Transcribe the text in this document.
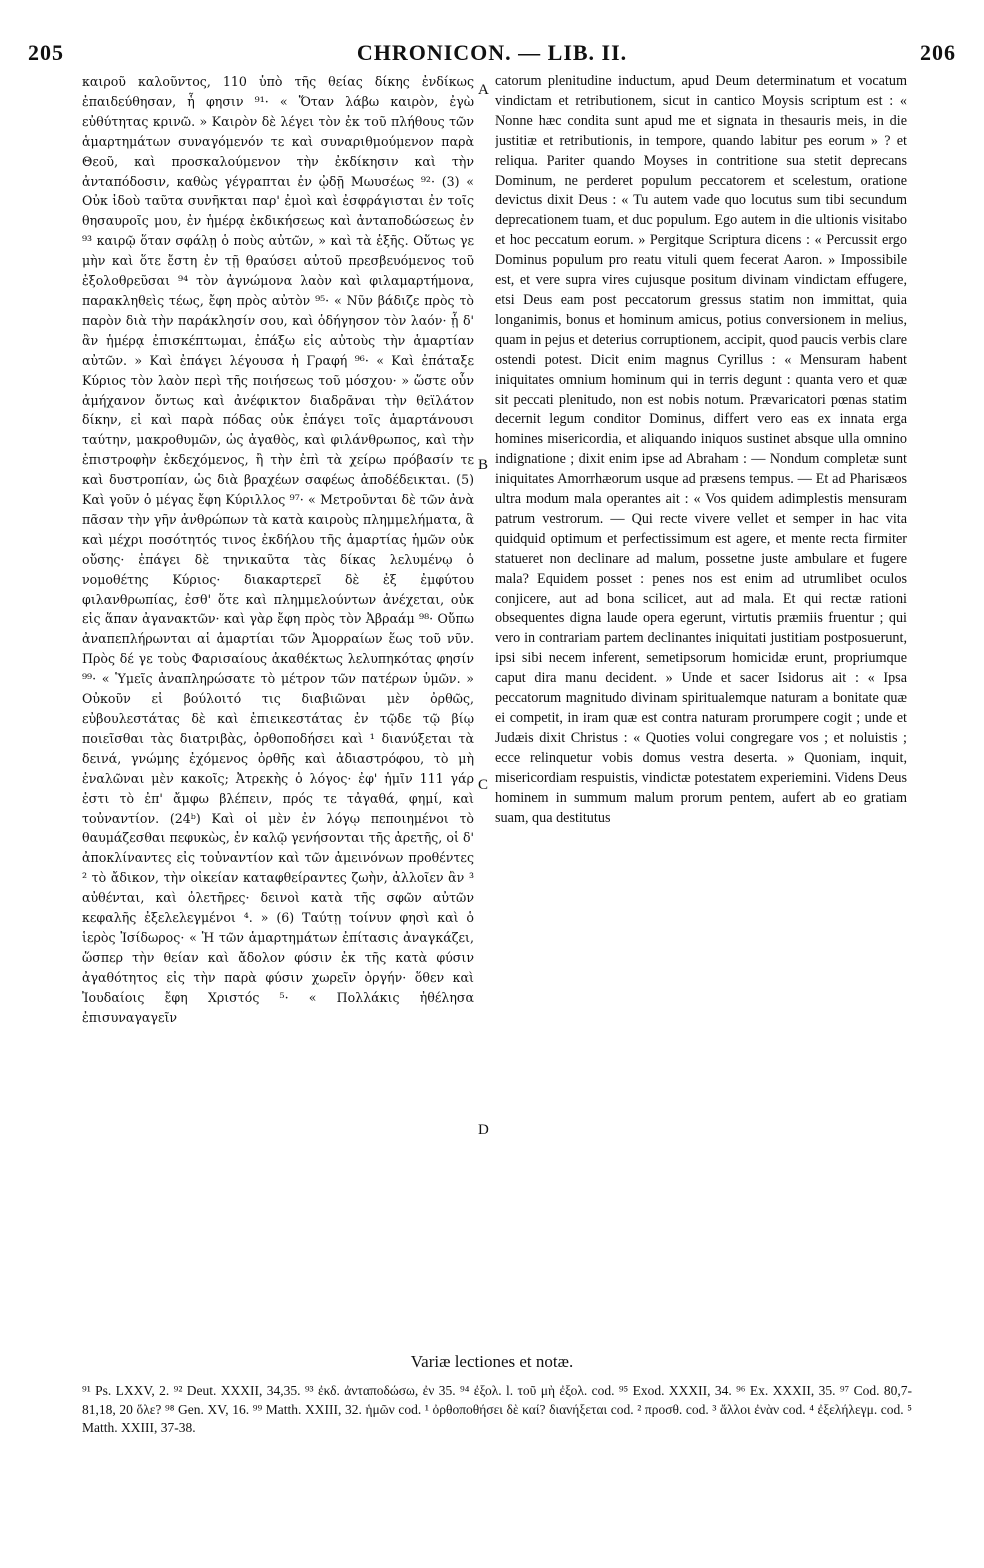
205	CHRONICON. — LIB. II.	206

καιροῦ καλοῦντος, 110 ὑπὸ τῆς θείας δίκης ἐνδίκως ἐπαιδεύθησαν, ἧ φησιν ⁹¹· « Ὅταν λάβω καιρὸν, ἐγὼ εὐθύτητας κρινῶ. » Καιρὸν δὲ λέγει τὸν ἐκ τοῦ πλήθους τῶν ἁμαρτημάτων συναγόμενόν τε καὶ συναριθμούμενον παρὰ Θεοῦ, καὶ προσκαλούμενον τὴν ἐκδίκησιν καὶ τὴν ἀνταπόδοσιν, καθὼς γέγραπται ἐν ᾠδῇ Μωυσέως ⁹²· (3) « Οὐκ ἰδοὺ ταῦτα συνῆκται παρ' ἐμοὶ καὶ ἐσφράγισται ἐν τοῖς θησαυροῖς μου, ἐν ἡμέρᾳ ἐκδικήσεως καὶ ἀνταποδώσεως ἐν ⁹³ καιρῷ ὅταν σφάλῃ ὁ ποὺς αὐτῶν, » καὶ τὰ ἑξῆς. Οὕτως γε μὴν καὶ ὅτε ἔστη ἐν τῇ θραύσει αὐτοῦ πρεσβευόμενος τοῦ ἐξολοθρεῦσαι ⁹⁴ τὸν ἀγνώμονα λαὸν καὶ φιλαμαρτήμονα, παρακληθεὶς τέως, ἔφη πρὸς αὐτὸν ⁹⁵· « Νῦν βάδιζε πρὸς τὸ παρὸν διὰ τὴν παράκλησίν σου, καὶ ὁδήγησον τὸν λαόν· ᾗ δ' ἂν ἡμέρᾳ ἐπισκέπτωμαι, ἐπάξω εἰς αὐτοὺς τὴν ἁμαρτίαν αὐτῶν. » Καὶ ἐπάγει λέγουσα ἡ Γραφή ⁹⁶· « Καὶ ἐπάταξε Κύριος τὸν λαὸν περὶ τῆς ποιήσεως τοῦ μόσχου· » ὥστε οὖν ἀμήχανον ὄντως καὶ ἀνέφικτον διαδρᾶναι τὴν θεϊλάτον δίκην, εἰ καὶ παρὰ πόδας οὐκ ἐπάγει τοῖς ἁμαρτάνουσι ταύτην, μακροθυμῶν, ὡς ἀγαθὸς, καὶ φιλάνθρωπος, καὶ τὴν ἐπιστροφὴν ἐκδεχόμενος, ἢ τὴν ἐπὶ τὰ χείρω πρόβασίν τε καὶ δυστροπίαν, ὡς διὰ βραχέων σαφέως ἀποδέδεικται. (5) Καὶ γοῦν ὁ μέγας ἔφη Κύριλλος ⁹⁷· « Μετροῦνται δὲ τῶν ἀνὰ πᾶσαν τὴν γῆν ἀνθρώπων τὰ κατὰ καιροὺς πλημμελήματα, ἃ καὶ μέχρι ποσότητός τινος ἐκδήλου τῆς ἁμαρτίας ἡμῶν οὐκ οὔσης· ἐπάγει δὲ τηνικαῦτα τὰς δίκας λελυμένῳ ὁ νομοθέτης Κύριος· διακαρτερεῖ δὲ ἐξ ἐμφύτου φιλανθρωπίας, ἐσθ' ὅτε καὶ πλημμελούντων ἀνέχεται, οὐκ εἰς ἅπαν ἀγανακτῶν· καὶ γὰρ ἔφη πρὸς τὸν Ἀβραάμ ⁹⁸· Οὔπω ἀναπεπλήρωνται αἱ ἁμαρτίαι τῶν Ἀμορραίων ἕως τοῦ νῦν. Πρὸς δέ γε τοὺς Φαρισαίους ἀκαθέκτως λελυπηκότας φησίν ⁹⁹· « Ὑμεῖς ἀναπληρώσατε τὸ μέτρον τῶν πατέρων ὑμῶν. » Οὐκοῦν εἰ βούλοιτό τις διαβιῶναι μὲν ὀρθῶς, εὐβουλεστάτας δὲ καὶ ἐπιεικεστάτας ἐν τῷδε τῷ βίῳ ποιεῖσθαι τὰς διατριβὰς, ὀρθοποδήσει καὶ ¹ διανύξεται τὰ δεινά, γνώμης ἐχόμενος ὀρθῆς καὶ ἀδιαστρόφου, τὸ μὴ ἐναλῶναι μὲν κακοῖς; Ἀτρεκὴς ὁ λόγος· ἐφ' ἡμῖν 111 γάρ ἐστι τὸ ἐπ' ἄμφω βλέπειν, πρός τε τἀγαθά, φημί, καὶ τοὐναντίον. (24ᵇ) Καὶ οἱ μὲν ἐν λόγῳ πεποιημένοι τὸ θαυμάζεσθαι πεφυκὼς, ἐν καλῷ γενήσονται τῆς ἀρετῆς, οἱ δ' ἀποκλίναντες εἰς τοὐναντίον καὶ τῶν ἀμεινόνων προθέντες ² τὸ ἄδικον, τὴν οἰκείαν καταφθείραντες ζωὴν, ἀλλοῖεν ἂν ³ αὐθένται, καὶ ὀλετῆρες· δεινοὶ κατὰ τῆς σφῶν αὐτῶν κεφαλῆς ἐξελελεγμένοι ⁴. » (6) Ταύτῃ τοίνυν φησὶ καὶ ὁ ἱερὸς Ἰσίδωρος· « Ἡ τῶν ἁμαρτημάτων ἐπίτασις ἀναγκάζει, ὥσπερ τὴν θείαν καὶ ἄδολον φύσιν ἐκ τῆς κατὰ φύσιν ἀγαθότητος εἰς τὴν παρὰ φύσιν χωρεῖν ὀργήν· ὅθεν καὶ Ἰουδαίοις ἔφη Χριστός ⁵· « Πολλάκις ἠθέλησα ἐπισυναγαγεῖν

A
B
C
D

catorum plenitudine inductum, apud Deum determinatum et vocatum vindictam et retributionem, sicut in cantico Moysis scriptum est : « Nonne hæc condita sunt apud me et signata in thesauris meis, in die justitiæ et retributionis, in tempore, quando labitur pes eorum » ? et reliqua. Pariter quando Moyses in contritione sua stetit deprecans Dominum, ne perderet populum peccatorem et scelestum, oratione devictus dixit Deus : « Tu autem vade quo locutus sum tibi secundum deprecationem tuam, et duc populum. Ego autem in die ultionis visitabo et hoc peccatum eorum. » Pergitque Scriptura dicens : « Percussit ergo Dominus populum pro reatu vituli quem fecerat Aaron. » Impossibile est, et vere supra vires cujusque positum divinam vindictam effugere, etsi Deus eam post peccatorum gressus statim non immittat, quia longanimis, bonus et hominum amicus, potius conversionem in melius, quam in pejus et deterius corruptionem, accipit, quod paucis verbis clare ostendi potest. Dicit enim magnus Cyrillus : « Mensuram habent iniquitates omnium hominum qui in terris degunt : quanta vero et quæ sit peccati plenitudo, non est nobis notum. Prævaricatori pœnas statim decernit legum conditor Dominus, differt vero eas ex innata erga homines misericordia, et aliquando iniquos sustinet absque ulla omnino indignatione ; dixit enim ipse ad Abraham : — Nondum completæ sunt iniquitates Amorrhæorum usque ad præsens tempus. — Et ad Pharisæos ultra modum mala operantes ait : « Vos quidem adimplestis mensuram patrum vestrorum. — Qui recte vivere vellet et semper in hac vita quidquid optimum et perfectissimum est agere, et mente recta firmiter statueret non declinare ad malum, possetne juste ambulare et fugere mala? Equidem posset : penes nos est enim ad utrumlibet oculos conjicere, aut ad bona scilicet, aut ad mala. Et qui rectæ rationi obsequentes digna laude opera egerunt, virtutis præmiis fruentur ; qui vero in contrariam partem declinantes iniquitati justitiam postposuerunt, ipsi sibi necem inferent, semetipsorum homicidæ erunt, propriumque caput dira manu decident. » Unde et sacer Isidorus ait : « Ipsa peccatorum magnitudo divinam spiritualemque naturam a bonitate quæ ei competit, in iram quæ est contra naturam prorumpere cogit ; unde et Judæis dixit Christus : « Quoties volui congregare vos ; et noluistis ; ecce relinquetur vobis domus vestra deserta. » Quoniam, inquit, misericordiam respuistis, vindictæ potestatem experiemini. Videns Deus hominem in summum malum prorum pentem, aufert ab eo gratiam suam, qua destitutus

Variæ lectiones et notæ.
⁹¹ Ps. LXXV, 2. ⁹² Deut. XXXII, 34,35. ⁹³ ἐκδ. ἀνταποδώσω, ἐν 35. ⁹⁴ ἐξολ. l. τοῦ μὴ ἐξολ. cod. ⁹⁵ Exod. XXXII, 34. ⁹⁶ Ex. XXXII, 35. ⁹⁷ Cod. 80,7-81,18, 20 ὅλε? ⁹⁸ Gen. XV, 16. ⁹⁹ Matth. XXIII, 32. ἡμῶν cod. ¹ ὀρθοποθήσει δὲ καί? διανήξεται cod. ² προσθ. cod. ³ ἄλλοι ἐνὰν cod. ⁴ ἐξελήλεγμ. cod. ⁵ Matth. XXIII, 37-38.
